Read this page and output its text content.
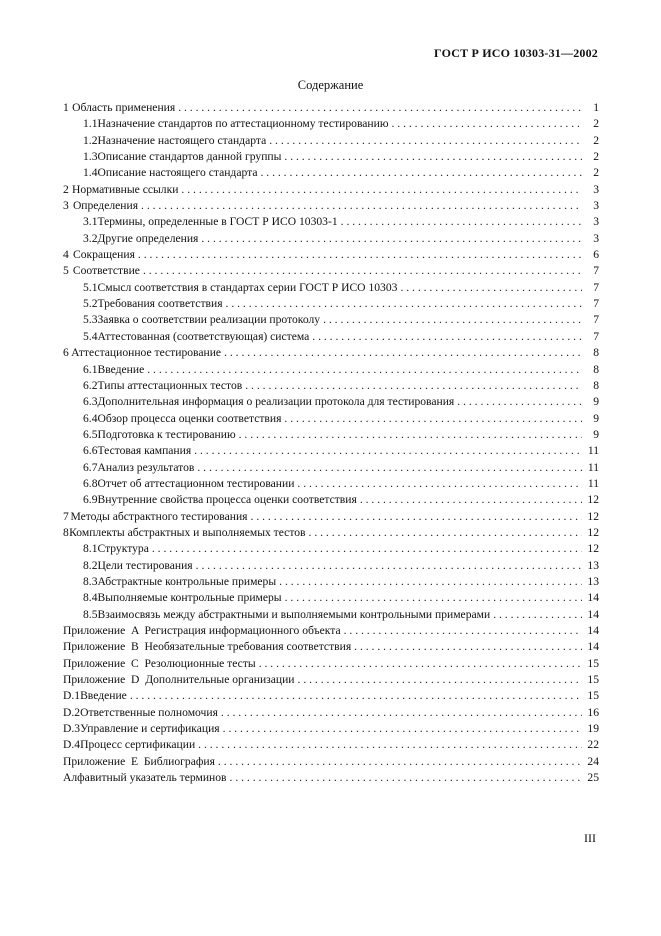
ГОСТ Р ИСО 10303-31—2002
Содержание
1 Область применения . . .	1
1.1 Назначение стандартов по аттестационному тестированию . . .	2
1.2 Назначение настоящего стандарта . . .	2
1.3 Описание стандартов данной группы . . .	2
1.4 Описание настоящего стандарта . . .	2
2 Нормативные ссылки . . .	3
3 Определения . . .	3
3.1 Термины, определенные в ГОСТ Р ИСО 10303-1 . . .	3
3.2 Другие определения . . .	3
4 Сокращения . . .	6
5 Соответствие . . .	7
5.1 Смысл соответствия в стандартах серии ГОСТ Р ИСО 10303 . . .	7
5.2 Требования соответствия . . .	7
5.3 Заявка о соответствии реализации протоколу . . .	7
5.4 Аттестованная (соответствующая) система . . .	7
6 Аттестационное тестирование . . .	8
6.1 Введение . . .	8
6.2 Типы аттестационных тестов . . .	8
6.3 Дополнительная информация о реализации протокола для тестирования . . .	9
6.4 Обзор процесса оценки соответствия . . .	9
6.5 Подготовка к тестированию . . .	9
6.6 Тестовая кампания . . .	11
6.7 Анализ результатов . . .	11
6.8 Отчет об аттестационном тестировании . . .	11
6.9 Внутренние свойства процесса оценки соответствия . . .	12
7 Методы абстрактного тестирования . . .	12
8 Комплекты абстрактных и выполняемых тестов . . .	12
8.1 Структура . . .	12
8.2 Цели тестирования . . .	13
8.3 Абстрактные контрольные примеры . . .	13
8.4 Выполняемые контрольные примеры . . .	14
8.5 Взаимосвязь между абстрактными и выполняемыми контрольными примерами . . .	14
Приложение  A  Регистрация информационного объекта . . .	14
Приложение  B  Необязательные требования соответствия . . .	14
Приложение  C  Резолюционные тесты . . .	15
Приложение  D  Дополнительные организации . . .	15
D.1 Введение . . .	15
D.2 Ответственные полномочия . . .	16
D.3 Управление и сертификация . . .	19
D.4 Процесс сертификации . . .	22
Приложение  E  Библиография . . .	24
Алфавитный указатель терминов . . .	25
III
